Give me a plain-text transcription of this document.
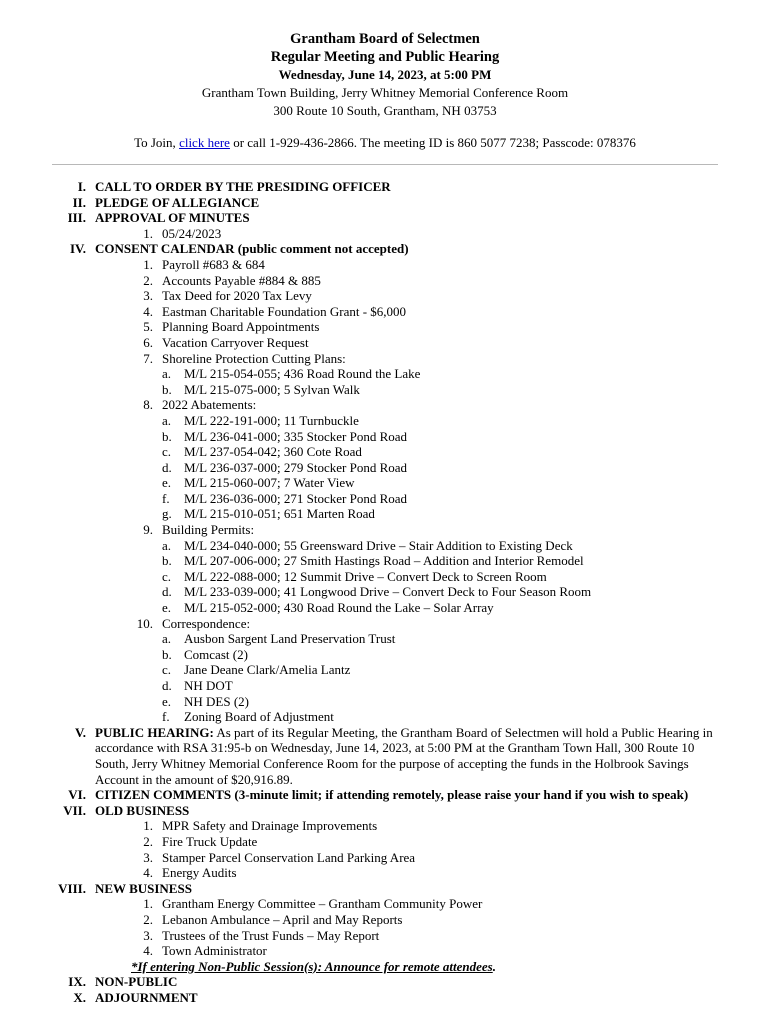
Grantham Board of Selectmen
Regular Meeting and Public Hearing
Wednesday, June 14, 2023, at 5:00 PM
Grantham Town Building, Jerry Whitney Memorial Conference Room
300 Route 10 South, Grantham, NH 03753
To Join, click here or call 1-929-436-2866. The meeting ID is 860 5077 7238; Passcode: 078376
I. CALL TO ORDER BY THE PRESIDING OFFICER
II. PLEDGE OF ALLEGIANCE
III. APPROVAL OF MINUTES
1. 05/24/2023
IV. CONSENT CALENDAR (public comment not accepted)
1. Payroll #683 & 684
2. Accounts Payable #884 & 885
3. Tax Deed for 2020 Tax Levy
4. Eastman Charitable Foundation Grant - $6,000
5. Planning Board Appointments
6. Vacation Carryover Request
7. Shoreline Protection Cutting Plans:
a. M/L 215-054-055; 436 Road Round the Lake
b. M/L 215-075-000; 5 Sylvan Walk
8. 2022 Abatements:
a. M/L 222-191-000; 11 Turnbuckle
b. M/L 236-041-000; 335 Stocker Pond Road
c. M/L 237-054-042; 360 Cote Road
d. M/L 236-037-000; 279 Stocker Pond Road
e. M/L 215-060-007; 7 Water View
f.	M/L 236-036-000; 271 Stocker Pond Road
g. M/L 215-010-051; 651 Marten Road
9. Building Permits:
a. M/L 234-040-000; 55 Greensward Drive – Stair Addition to Existing Deck
b. M/L 207-006-000; 27 Smith Hastings Road – Addition and Interior Remodel
c. M/L 222-088-000; 12 Summit Drive – Convert Deck to Screen Room
d. M/L 233-039-000; 41 Longwood Drive – Convert Deck to Four Season Room
e. M/L 215-052-000; 430 Road Round the Lake – Solar Array
10. Correspondence:
a. Ausbon Sargent Land Preservation Trust
b. Comcast (2)
c. Jane Deane Clark/Amelia Lantz
d. NH DOT
e. NH DES (2)
f.	Zoning Board of Adjustment
V. PUBLIC HEARING: As part of its Regular Meeting, the Grantham Board of Selectmen will hold a Public Hearing in accordance with RSA 31:95-b on Wednesday, June 14, 2023, at 5:00 PM at the Grantham Town Hall, 300 Route 10 South, Jerry Whitney Memorial Conference Room for the purpose of accepting the funds in the Holbrook Savings Account in the amount of $20,916.89.
VI. CITIZEN COMMENTS (3-minute limit; if attending remotely, please raise your hand if you wish to speak)
VII. OLD BUSINESS
1. MPR Safety and Drainage Improvements
2. Fire Truck Update
3. Stamper Parcel Conservation Land Parking Area
4. Energy Audits
VIII. NEW BUSINESS
1. Grantham Energy Committee – Grantham Community Power
2. Lebanon Ambulance – April and May Reports
3. Trustees of the Trust Funds – May Report
4. Town Administrator
*If entering Non-Public Session(s): Announce for remote attendees.
IX. NON-PUBLIC
X. ADJOURNMENT
